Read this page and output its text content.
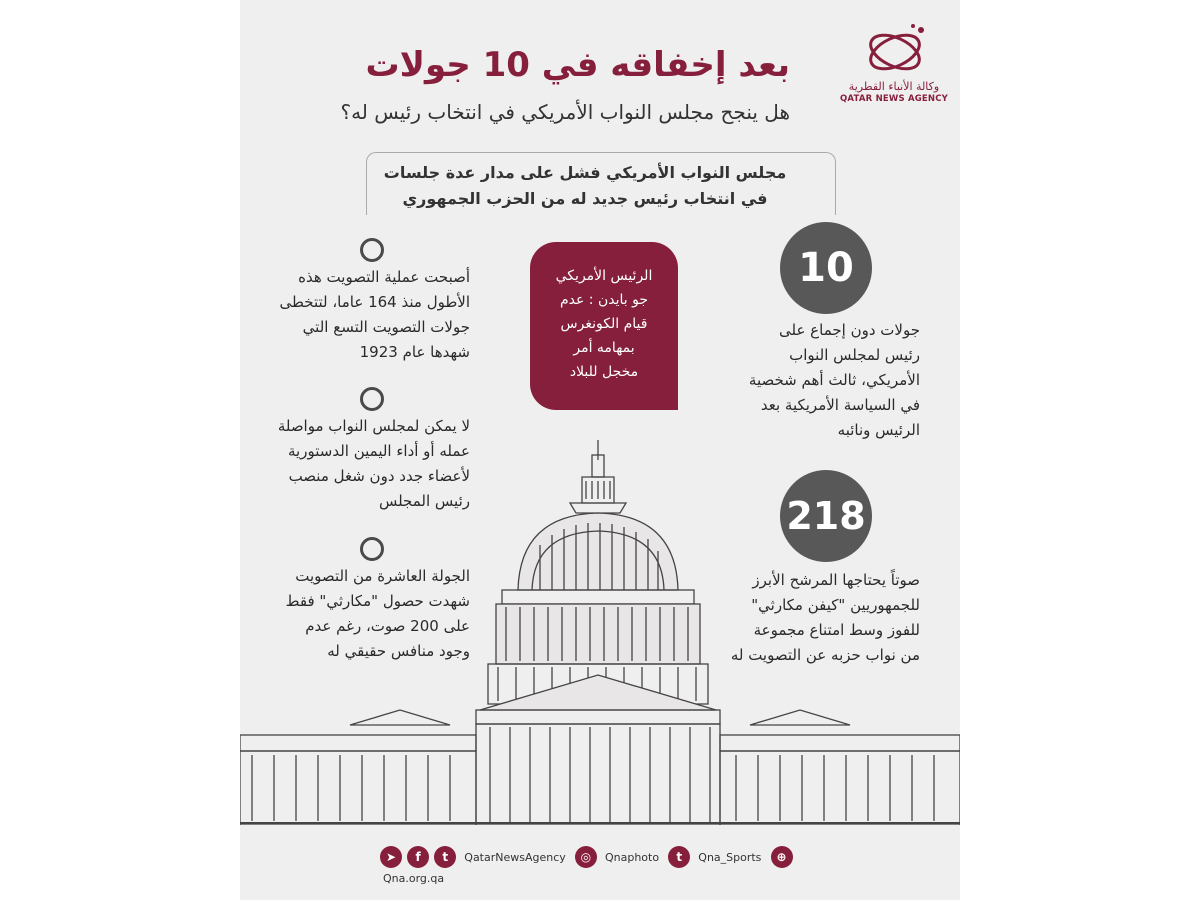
وكالة الأنباء القطرية
QATAR NEWS AGENCY
بعد إخفاقه في 10 جولات
هل ينجح مجلس النواب الأمريكي في انتخاب رئيس له؟
مجلس النواب الأمريكي فشل على مدار عدة جلسات
في انتخاب رئيس جديد له من الحزب الجمهوري
10
جولات دون إجماع على
رئيس لمجلس النواب
الأمريكي، ثالث أهم شخصية
في السياسة الأمريكية بعد
الرئيس ونائبه
218
صوتاً يحتاجها المرشح الأبرز
للجمهوريين "كيفن مكارثي"
للفوز وسط امتناع مجموعة
من نواب حزبه عن التصويت له
الرئيس الأمريكي
جو بايدن : عدم
قيام الكونغرس
بمهامه أمر
مخجل للبلاد
أصبحت عملية التصويت هذه
الأطول منذ 164 عاما، لتتخطى
جولات التصويت التسع التي
شهدها عام 1923
لا يمكن لمجلس النواب مواصلة
عمله أو أداء اليمين الدستورية
لأعضاء جدد دون شغل منصب
رئيس المجلس
الجولة العاشرة من التصويت
شهدت حصول "مكارثي" فقط
على 200 صوت، رغم عدم
وجود منافس حقيقي له
➤ f t QatarNewsAgency ◎ Qnaphoto t Qna_Sports ⊕ Qna.org.qa
